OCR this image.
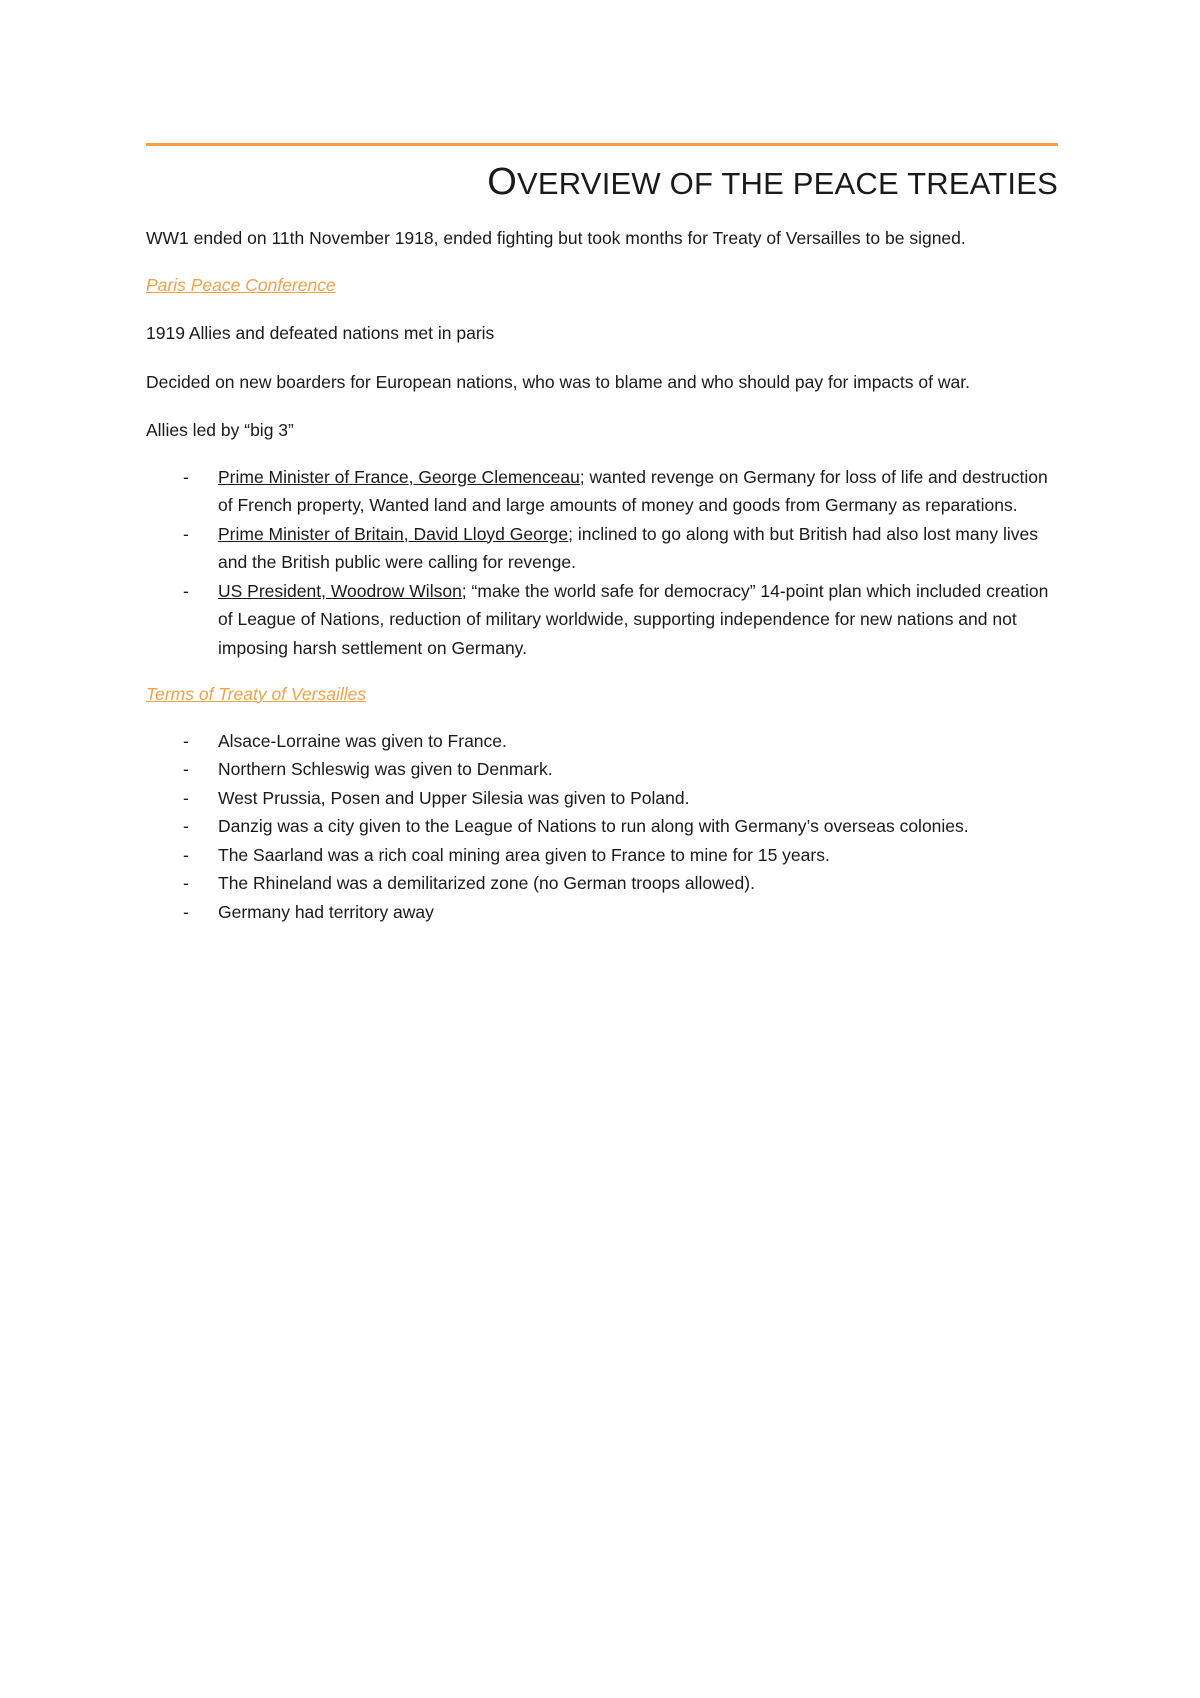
OVERVIEW OF THE PEACE TREATIES

WW1 ended on 11th November 1918, ended fighting but took months for Treaty of Versailles to be signed.

Paris Peace Conference

1919 Allies and defeated nations met in paris

Decided on new boarders for European nations, who was to blame and who should pay for impacts of war.

Allies led by “big 3”

- Prime Minister of France, George Clemenceau; wanted revenge on Germany for loss of life and destruction of French property, Wanted land and large amounts of money and goods from Germany as reparations.
- Prime Minister of Britain, David Lloyd George; inclined to go along with but British had also lost many lives and the British public were calling for revenge.
- US President, Woodrow Wilson; “make the world safe for democracy” 14-point plan which included creation of League of Nations, reduction of military worldwide, supporting independence for new nations and not imposing harsh settlement on Germany.
Terms of Treaty of Versailles
- Alsace-Lorraine was given to France.
- Northern Schleswig was given to Denmark.
- West Prussia, Posen and Upper Silesia was given to Poland.
- Danzig was a city given to the League of Nations to run along with Germany’s overseas colonies.
- The Saarland was a rich coal mining area given to France to mine for 15 years.
- The Rhineland was a demilitarized zone (no German troops allowed).
- Germany had territory away
